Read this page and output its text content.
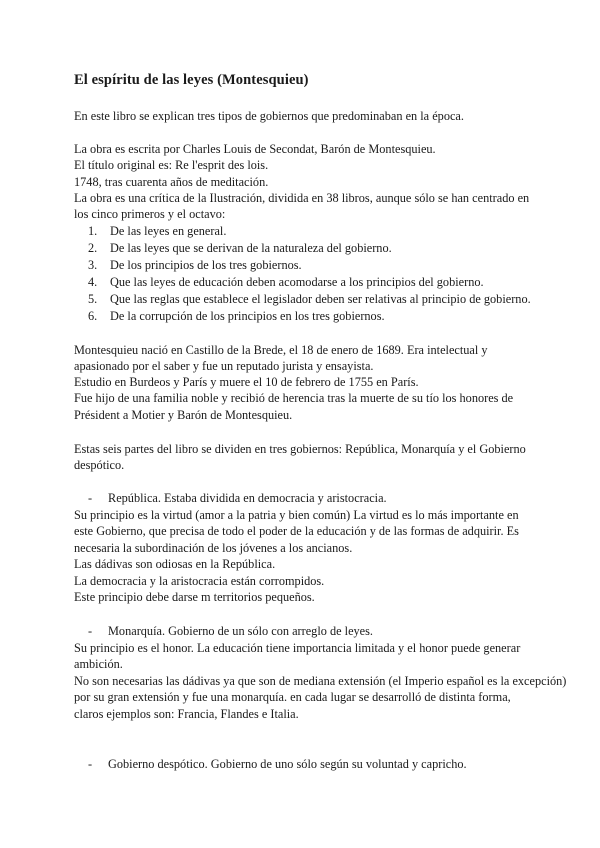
El espíritu de las leyes (Montesquieu)
En este libro se explican tres tipos de gobiernos que predominaban en la época.
La obra es escrita por Charles Louis de Secondat, Barón de Montesquieu.
El título original es: Re l'esprit des lois.
1748, tras cuarenta años de meditación.
La obra es una crítica de la Ilustración, dividida en 38 libros, aunque sólo se han centrado en
los cinco primeros y el octavo:
1. De las leyes en general.
2. De las leyes que se derivan de la naturaleza del gobierno.
3. De los principios de los tres gobiernos.
4. Que las leyes de educación deben acomodarse a los principios del gobierno.
5. Que las reglas que establece el legislador deben ser relativas al principio de gobierno.
6. De la corrupción de los principios en los tres gobiernos.
Montesquieu nació en Castillo de la Brede, el 18 de enero de 1689. Era intelectual y
apasionado por el saber y fue un reputado jurista y ensayista.
Estudio en Burdeos y París y muere el 10 de febrero de 1755 en París.
Fue hijo de una familia noble y recibió de herencia tras la muerte de su tío los honores de
Président a Motier y Barón de Montesquieu.
Estas seis partes del libro se dividen en tres gobiernos: República, Monarquía y el Gobierno
despótico.
- República. Estaba dividida en democracia y aristocracia.
Su principio es la virtud (amor a la patria y bien común) La virtud es lo más importante en
este Gobierno, que precisa de todo el poder de la educación y de las formas de adquirir. Es
necesaria la subordinación de los jóvenes a los ancianos.
Las dádivas son odiosas en la República.
La democracia y la aristocracia están corrompidos.
Este principio debe darse m territorios pequeños.
- Monarquía. Gobierno de un sólo con arreglo de leyes.
Su principio es el honor. La educación tiene importancia limitada y el honor puede generar
ambición.
No son necesarias las dádivas ya que son de mediana extensión (el Imperio español es la excepción)
por su gran extensión y fue una monarquía. en cada lugar se desarrolló de distinta forma,
claros ejemplos son: Francia, Flandes e Italia.
- Gobierno despótico. Gobierno de uno sólo según su voluntad y capricho.
